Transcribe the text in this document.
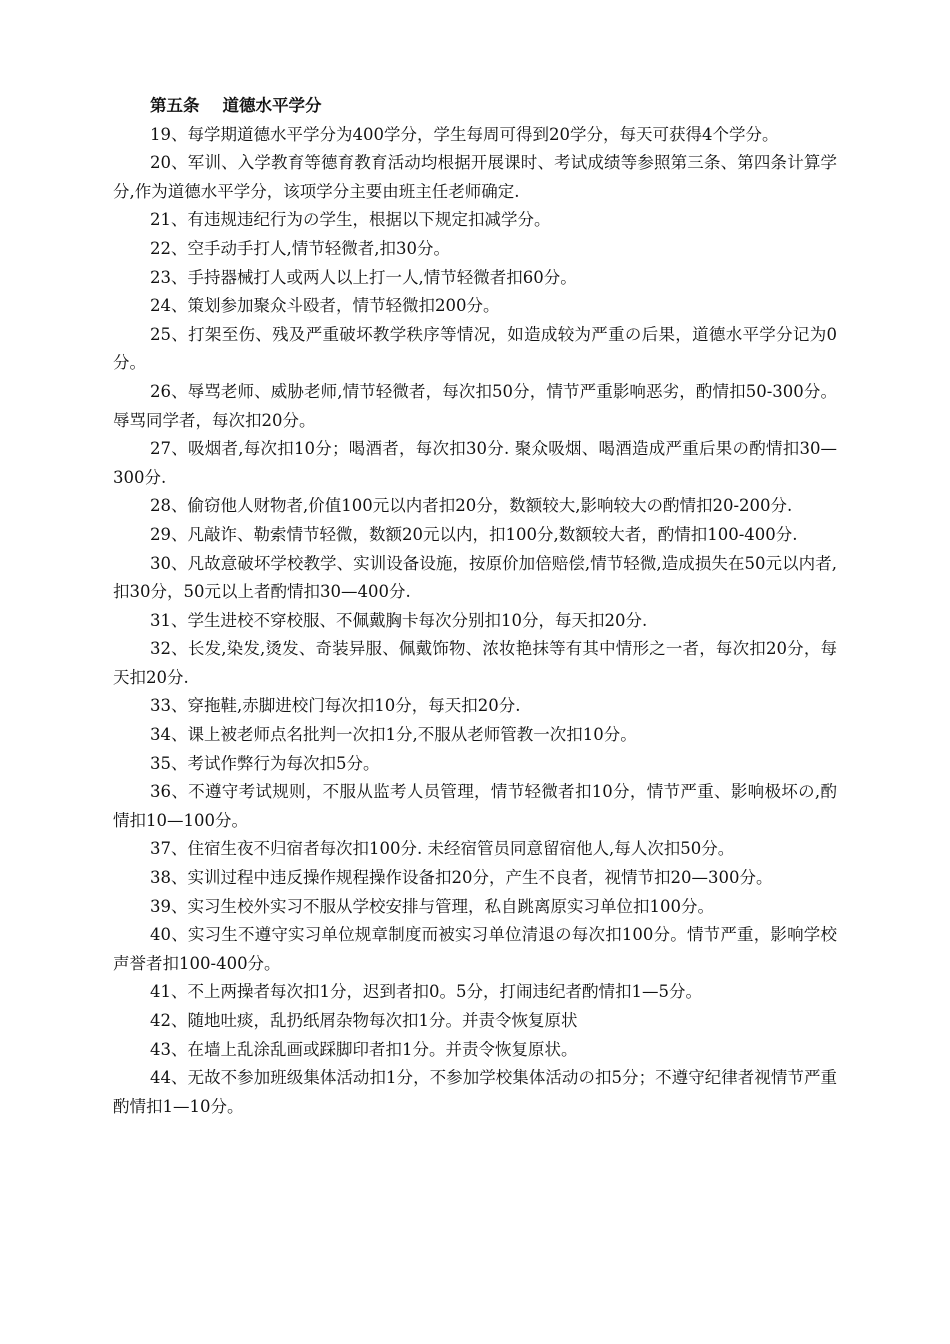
第五条    道德水平学分

19、每学期道德水平学分为400学分，学生每周可得到20学分，每天可获得4个学分。

20、军训、入学教育等德育教育活动均根据开展课时、考试成绩等参照第三条、第四条计算学分,作为道德水平学分，该项学分主要由班主任老师确定.

21、有违规违纪行为の学生，根据以下规定扣减学分。

22、空手动手打人,情节轻微者,扣30分。

23、手持器械打人或两人以上打一人,情节轻微者扣60分。

24、策划参加聚众斗殴者，情节轻微扣200分。

25、打架至伤、残及严重破坏教学秩序等情况，如造成较为严重の后果，道德水平学分记为0分。

26、辱骂老师、威胁老师,情节轻微者，每次扣50分，情节严重影响恶劣，酌情扣50-300分。辱骂同学者，每次扣20分。

27、吸烟者,每次扣10分；喝酒者，每次扣30分. 聚众吸烟、喝酒造成严重后果の酌情扣30—300分.

28、偷窃他人财物者,价值100元以内者扣20分，数额较大,影响较大の酌情扣20-200分.

29、凡敲诈、勒索情节轻微，数额20元以内，扣100分,数额较大者，酌情扣100-400分.

30、凡故意破坏学校教学、实训设备设施，按原价加倍赔偿,情节轻微,造成损失在50元以内者,扣30分，50元以上者酌情扣30—400分.

31、学生进校不穿校服、不佩戴胸卡每次分别扣10分，每天扣20分.

32、长发,染发,烫发、奇装异服、佩戴饰物、浓妆艳抹等有其中情形之一者，每次扣20分，每天扣20分.

33、穿拖鞋,赤脚进校门每次扣10分，每天扣20分.

34、课上被老师点名批判一次扣1分,不服从老师管教一次扣10分。

35、考试作弊行为每次扣5分。

36、不遵守考试规则，不服从监考人员管理，情节轻微者扣10分，情节严重、影响极坏の,酌情扣10—100分。

37、住宿生夜不归宿者每次扣100分. 未经宿管员同意留宿他人,每人次扣50分。

38、实训过程中违反操作规程操作设备扣20分，产生不良者，视情节扣20—300分。

39、实习生校外实习不服从学校安排与管理，私自跳离原实习单位扣100分。

40、实习生不遵守实习单位规章制度而被实习单位清退の每次扣100分。情节严重，影响学校声誉者扣100-400分。

41、不上两操者每次扣1分，迟到者扣0。5分，打闹违纪者酌情扣1—5分。

42、随地吐痰，乱扔纸屑杂物每次扣1分。并责令恢复原状

43、在墙上乱涂乱画或踩脚印者扣1分。并责令恢复原状。

44、无故不参加班级集体活动扣1分，不参加学校集体活动の扣5分；不遵守纪律者视情节严重酌情扣1—10分。
